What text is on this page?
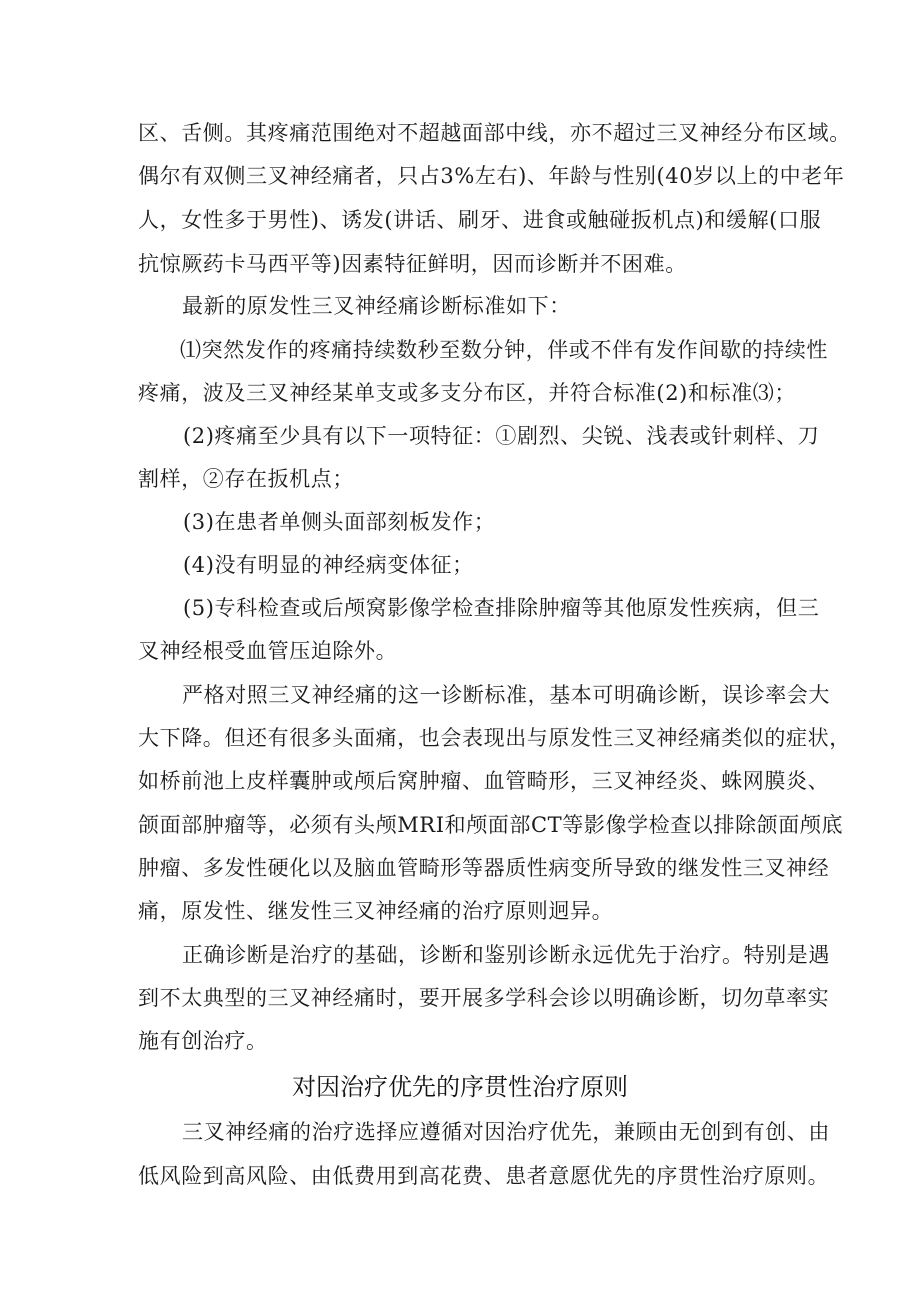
区、舌侧。其疼痛范围绝对不超越面部中线，亦不超过三叉神经分布区域。
偶尔有双侧三叉神经痛者，只占3%左右)、年龄与性别(40岁以上的中老年
人，女性多于男性)、诱发(讲话、刷牙、进食或触碰扳机点)和缓解(口服
抗惊厥药卡马西平等)因素特征鲜明，因而诊断并不困难。
最新的原发性三叉神经痛诊断标准如下：
⑴突然发作的疼痛持续数秒至数分钟，伴或不伴有发作间歇的持续性
疼痛，波及三叉神经某单支或多支分布区，并符合标准(2)和标准⑶；
(2)疼痛至少具有以下一项特征：①剧烈、尖锐、浅表或针刺样、刀
割样，②存在扳机点；
(3)在患者单侧头面部刻板发作；
(4)没有明显的神经病变体征；
(5)专科检查或后颅窝影像学检查排除肿瘤等其他原发性疾病，但三
叉神经根受血管压迫除外。
严格对照三叉神经痛的这一诊断标准，基本可明确诊断，误诊率会大
大下降。但还有很多头面痛，也会表现出与原发性三叉神经痛类似的症状，
如桥前池上皮样囊肿或颅后窝肿瘤、血管畸形，三叉神经炎、蛛网膜炎、
颌面部肿瘤等，必须有头颅MRI和颅面部CT等影像学检查以排除颌面颅底
肿瘤、多发性硬化以及脑血管畸形等器质性病变所导致的继发性三叉神经
痛，原发性、继发性三叉神经痛的治疗原则迥异。
正确诊断是治疗的基础，诊断和鉴别诊断永远优先于治疗。特别是遇
到不太典型的三叉神经痛时，要开展多学科会诊以明确诊断，切勿草率实
施有创治疗。
对因治疗优先的序贯性治疗原则
三叉神经痛的治疗选择应遵循对因治疗优先，兼顾由无创到有创、由
低风险到高风险、由低费用到高花费、患者意愿优先的序贯性治疗原则。
